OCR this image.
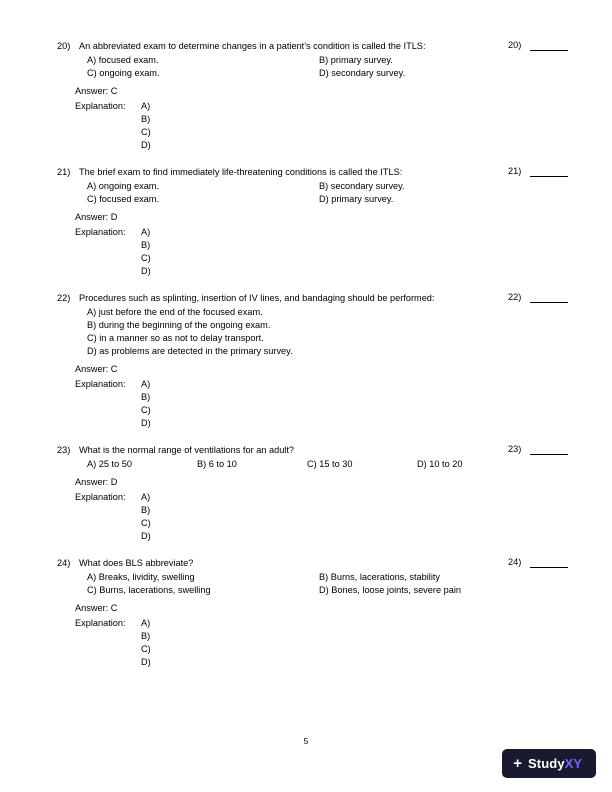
20)
20) An abbreviated exam to determine changes in a patient's condition is called the ITLS:
A) focused exam.	B) primary survey.
C) ongoing exam.	D) secondary survey.
Answer: C
Explanation:	A)
B)
C)
D)
21)
21) The brief exam to find immediately life-threatening conditions is called the ITLS:
A) ongoing exam.	B) secondary survey.
C) focused exam.	D) primary survey.
Answer: D
Explanation:	A)
B)
C)
D)
22)
22) Procedures such as splinting, insertion of IV lines, and bandaging should be performed:
A) just before the end of the focused exam.
B) during the beginning of the ongoing exam.
C) in a manner so as not to delay transport.
D) as problems are detected in the primary survey.
Answer: C
Explanation:	A)
B)
C)
D)
23)
23) What is the normal range of ventilations for an adult?
A) 25 to 50	B) 6 to 10	C) 15 to 30	D) 10 to 20
Answer: D
Explanation:	A)
B)
C)
D)
24)
24) What does BLS abbreviate?
A) Breaks, lividity, swelling	B) Burns, lacerations, stability
C) Burns, lacerations, swelling	D) Bones, loose joints, severe pain
Answer: C
Explanation:	A)
B)
C)
D)
5
+ StudyXY
